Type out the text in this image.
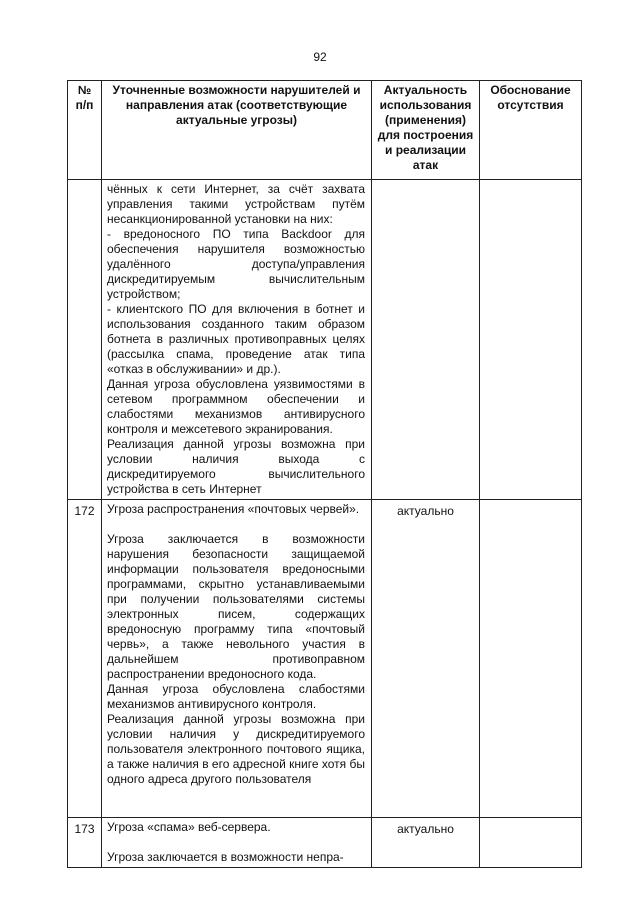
92
№ п/п	Уточненные возможности нарушителей и направления атак (соответствующие актуальные угрозы)	Актуальность использования (применения) для построения и реализации атак	Обоснование отсутствия

	чённых к сети Интернет, за счёт захвата управления такими устройствам путём несанкционированной установки на них:

- вредоносного ПО типа Backdoor для обеспечения нарушителя возможностью удалённого доступа/управления дискредитируемым вычислительным устройством;

- клиентского ПО для включения в ботнет и использования созданного таким образом ботнета в различных противоправных целях (рассылка спама, проведение атак типа «отказ в обслуживании» и др.).

Данная угроза обусловлена уязвимостями в сетевом программном обеспечении и слабостями механизмов антивирусного контроля и межсетевого экранирования.

Реализация данной угрозы возможна при условии наличия выхода с дискредитируемого вычислительного устройства в сеть Интернет		

172	Угроза распространения «почтовых червей».

Угроза заключается в возможности нарушения безопасности защищаемой информации пользователя вредоносными программами, скрытно устанавливаемыми при получении пользователями системы электронных писем, содержащих вредоносную программу типа «почтовый червь», а также невольного участия в дальнейшем противоправном распространении вредоносного кода.

Данная угроза обусловлена слабостями механизмов антивирусного контроля.

Реализация данной угрозы возможна при условии наличия у дискредитируемого пользователя электронного почтового ящика, а также наличия в его адресной книге хотя бы одного адреса другого пользователя	актуально	
173	Угроза «спама» веб-сервера.

Угроза заключается в возможности непра-	актуально	
